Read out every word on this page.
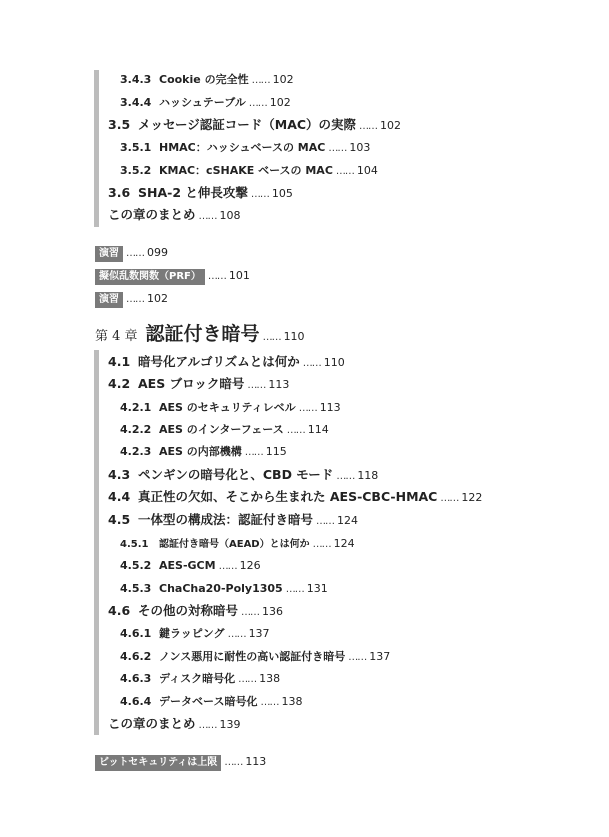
3.4.3 Cookie の完全性 …… 102
3.4.4 ハッシュテーブル …… 102
3.5 メッセージ認証コード（MAC）の実際 …… 102
3.5.1 HMAC：ハッシュベースの MAC …… 103
3.5.2 KMAC：cSHAKE ベースの MAC …… 104
3.6 SHA-2 と伸長攻撃 …… 105
この章のまとめ …… 108
演習 …… 099
擬似乱数関数（PRF） …… 101
演習 …… 102
第 4 章 認証付き暗号 …… 110
4.1 暗号化アルゴリズムとは何か …… 110
4.2 AES ブロック暗号 …… 113
4.2.1 AES のセキュリティレベル …… 113
4.2.2 AES のインターフェース …… 114
4.2.3 AES の内部機構 …… 115
4.3 ペンギンの暗号化と、CBD モード …… 118
4.4 真正性の欠如、そこから生まれた AES-CBC-HMAC …… 122
4.5 一体型の構成法：認証付き暗号 …… 124
4.5.1 認証付き暗号（AEAD）とは何か …… 124
4.5.2 AES-GCM …… 126
4.5.3 ChaCha20-Poly1305 …… 131
4.6 その他の対称暗号 …… 136
4.6.1 鍵ラッピング …… 137
4.6.2 ノンス悪用に耐性の高い認証付き暗号 …… 137
4.6.3 ディスク暗号化 …… 138
4.6.4 データベース暗号化 …… 138
この章のまとめ …… 139
ビットセキュリティは上限 …… 113
